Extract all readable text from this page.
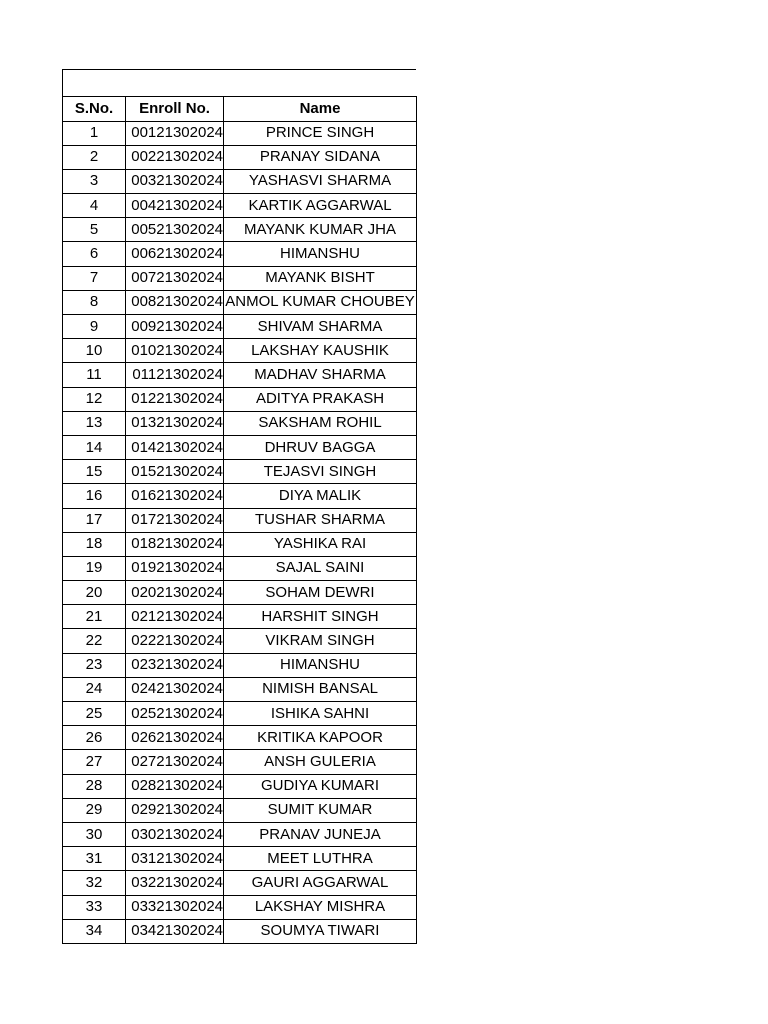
S.No.	Enroll No.	Name
1	00121302024	PRINCE SINGH
2	00221302024	PRANAY SIDANA
3	00321302024	YASHASVI SHARMA
4	00421302024	KARTIK AGGARWAL
5	00521302024	MAYANK KUMAR JHA
6	00621302024	HIMANSHU
7	00721302024	MAYANK BISHT
8	00821302024	ANMOL KUMAR CHOUBEY
9	00921302024	SHIVAM SHARMA
10	01021302024	LAKSHAY KAUSHIK
11	01121302024	MADHAV SHARMA
12	01221302024	ADITYA PRAKASH
13	01321302024	SAKSHAM ROHIL
14	01421302024	DHRUV BAGGA
15	01521302024	TEJASVI SINGH
16	01621302024	DIYA MALIK
17	01721302024	TUSHAR SHARMA
18	01821302024	YASHIKA RAI
19	01921302024	SAJAL SAINI
20	02021302024	SOHAM DEWRI
21	02121302024	HARSHIT SINGH
22	02221302024	VIKRAM SINGH
23	02321302024	HIMANSHU
24	02421302024	NIMISH BANSAL
25	02521302024	ISHIKA SAHNI
26	02621302024	KRITIKA KAPOOR
27	02721302024	ANSH GULERIA
28	02821302024	GUDIYA KUMARI
29	02921302024	SUMIT KUMAR
30	03021302024	PRANAV JUNEJA
31	03121302024	MEET LUTHRA
32	03221302024	GAURI AGGARWAL
33	03321302024	LAKSHAY MISHRA
34	03421302024	SOUMYA TIWARI
